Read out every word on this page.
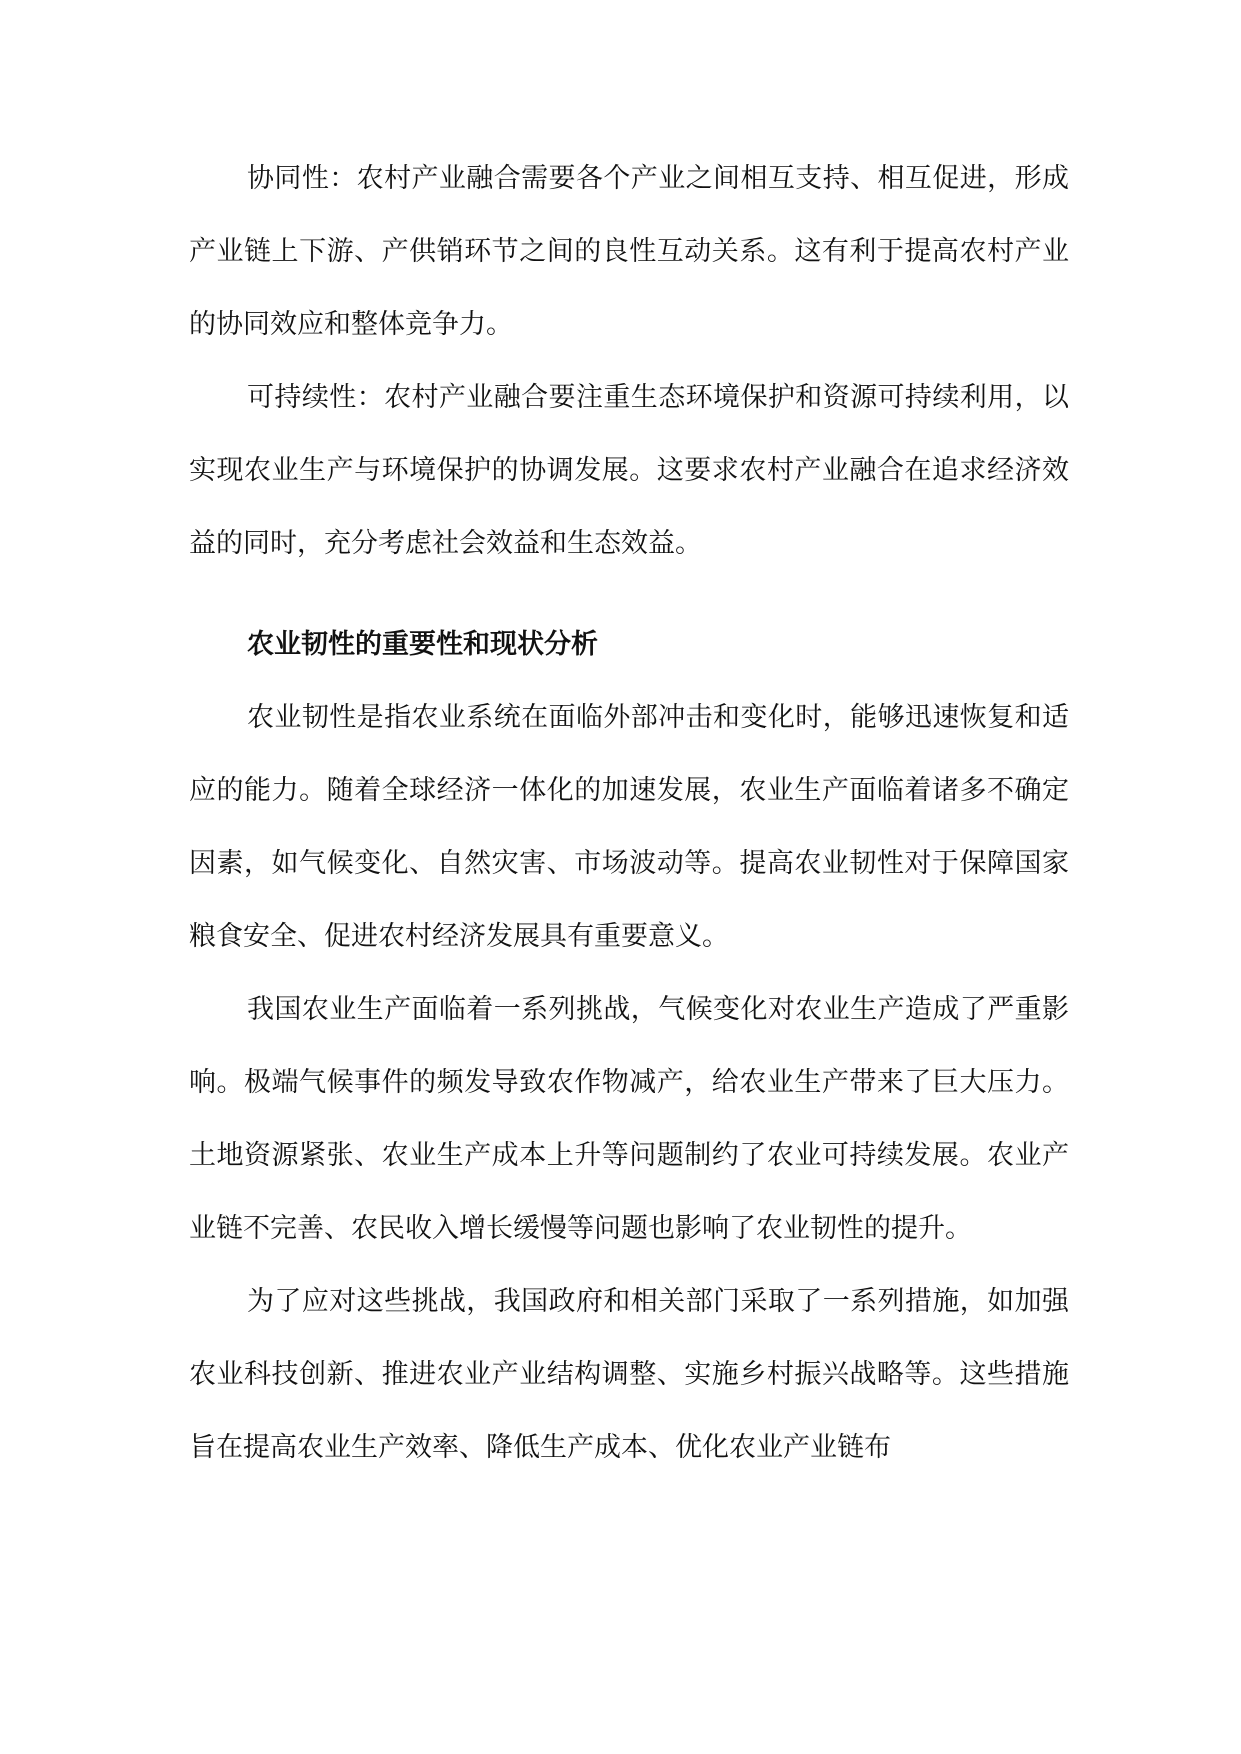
协同性：农村产业融合需要各个产业之间相互支持、相互促进，形成产业链上下游、产供销环节之间的良性互动关系。这有利于提高农村产业的协同效应和整体竞争力。

可持续性：农村产业融合要注重生态环境保护和资源可持续利用，以实现农业生产与环境保护的协调发展。这要求农村产业融合在追求经济效益的同时，充分考虑社会效益和生态效益。

农业韧性的重要性和现状分析

农业韧性是指农业系统在面临外部冲击和变化时，能够迅速恢复和适应的能力。随着全球经济一体化的加速发展，农业生产面临着诸多不确定因素，如气候变化、自然灾害、市场波动等。提高农业韧性对于保障国家粮食安全、促进农村经济发展具有重要意义。

我国农业生产面临着一系列挑战，气候变化对农业生产造成了严重影响。极端气候事件的频发导致农作物减产，给农业生产带来了巨大压力。土地资源紧张、农业生产成本上升等问题制约了农业可持续发展。农业产业链不完善、农民收入增长缓慢等问题也影响了农业韧性的提升。

为了应对这些挑战，我国政府和相关部门采取了一系列措施，如加强农业科技创新、推进农业产业结构调整、实施乡村振兴战略等。这些措施旨在提高农业生产效率、降低生产成本、优化农业产业链布
